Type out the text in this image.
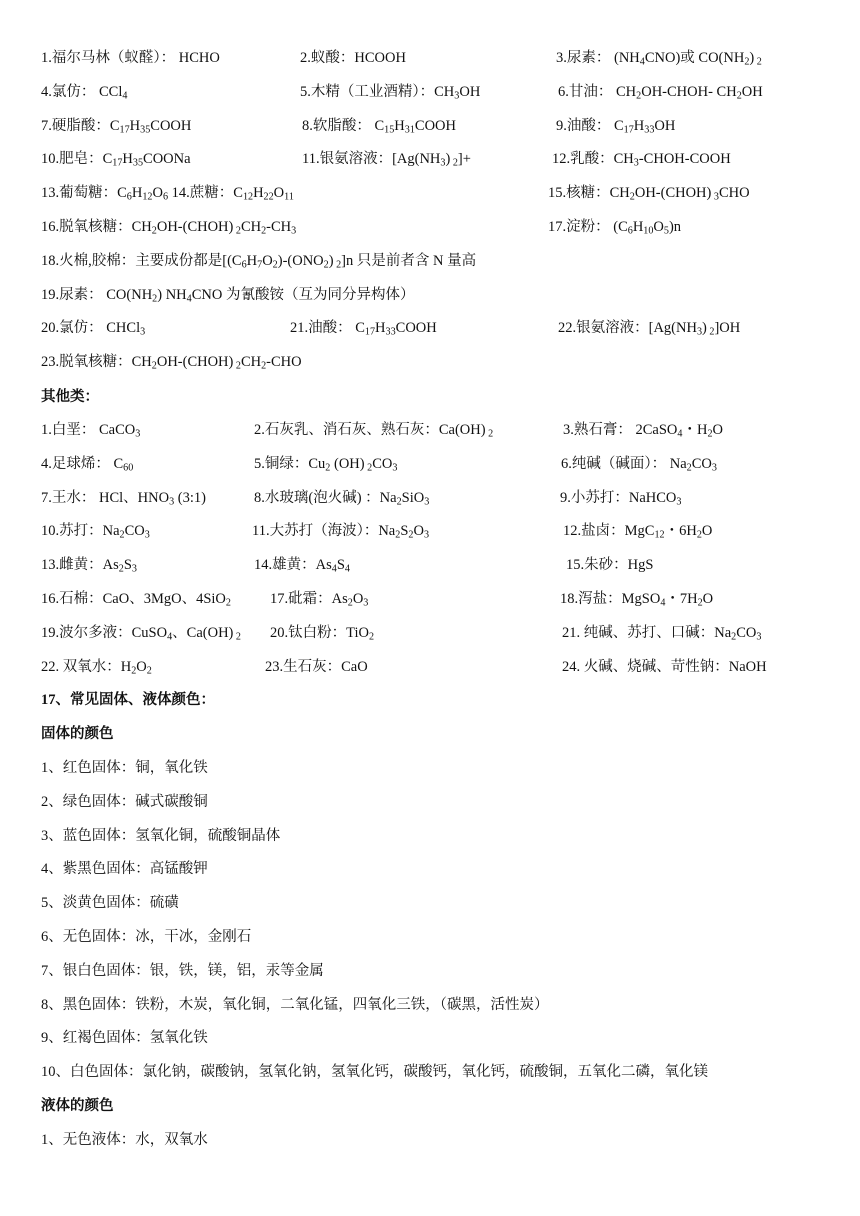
1.福尔马林（蚁醛）： HCHO	2.蚁酸：HCOOH	3.尿素： $(NH_4CNO)$或 $CO(NH_2)$ $_2$
4.氯仿： CCl$_4$	5.木精（工业酒精）：$CH_3OH$	6.甘油： $CH_2OH-CHOH-$ $CH_2OH$
7.硬脂酸：$C_{17}H_{35}COOH$	8.软脂酸： $C_{15}H_{31}COOH$	9.油酸： $C_{17}H_{33}OH$
10.肥皂：$C_{17}H_{35}COONa$	11.银氨溶液：[$Ag(NH_3)$ $_2$]+	12.乳酸：$CH_3-CHOH$-COOH
13.葡萄糖：$C_6H_{12}O_6$ 14.蔗糖：$C_{12}H_{22}O_{11}$	15.核糖：$CH_2OH-(CHOH)$ $_3$CHO
16.脱氧核糖：$CH_2OH-(CHOH)$ $_2CH_2-CH_3$	17.淀粉： $(C_6H_{10}O_5)n$
18.火棉,胶棉：主要成份都是[$(C_6H_7O_2)-(ONO_2)$ $_2$]n 只是前者含 N 量高
19.尿素： $CO(NH_2)$ $NH_4CNO$ 为氰酸铵（互为同分异构体）
20.氯仿： CHCl$_3$	21.油酸： $C_{17}H_{33}COOH$	22.银氨溶液：[$Ag(NH_3)$ $_2$]OH
23.脱氧核糖：$CH_2OH-(CHOH)$ $_2CH_2$-CHO
其他类：
1.白垩： CaCO$_3$	2.石灰乳、消石灰、熟石灰：Ca(OH) $_2$	3.熟石膏： 2CaSO$_4$・$H_2O$
4.足球烯： $C_{60}$	5.铜绿：$Cu_2$ (OH) $_2CO_3$	6.纯碱（碱面）： $Na_2CO_3$
7.王水： HCl、$HNO_3$ (3:1)	8.水玻璃(泡火碱) ：$Na_2SiO_3$	9.小苏打：NaHCO$_3$
10.苏打：$Na_2CO_3$	11.大苏打（海波）：$Na_2S_2O_3$	12.盐卤：MgC$_{12}$・$6H_2O$
13.雌黄：$As_2S_3$	14.雄黄：$As_4S_4$	15.朱砂：HgS
16.石棉：CaO、3MgO、4SiO$_2$	17.砒霜：$As_2O_3$	18.泻盐：MgSO$_4$・$7H_2O$
19.波尔多液：CuSO$_4$、Ca(OH) $_2$ 20.钛白粉：TiO$_2$	21. 纯碱、苏打、口碱：$Na_2CO_3$
22. 双氧水：$H_2O_2$	23.生石灰：CaO	24. 火碱、烧碱、苛性钠：NaOH
17、常见固体、液体颜色：
固体的颜色
1、红色固体：铜，氧化铁
2、绿色固体：碱式碳酸铜
3、蓝色固体：氢氧化铜，硫酸铜晶体
4、紫黑色固体：高锰酸钾
5、淡黄色固体：硫磺
6、无色固体：冰，干冰，金刚石
7、银白色固体：银，铁，镁，铝，汞等金属
8、黑色固体：铁粉，木炭，氧化铜，二氧化锰，四氧化三铁，（碳黑，活性炭）
9、红褐色固体：氢氧化铁
10、白色固体：氯化钠，碳酸钠，氢氧化钠，氢氧化钙，碳酸钙，氧化钙，硫酸铜，五氧化二磷，氧化镁
液体的颜色
1、无色液体：水，双氧水
